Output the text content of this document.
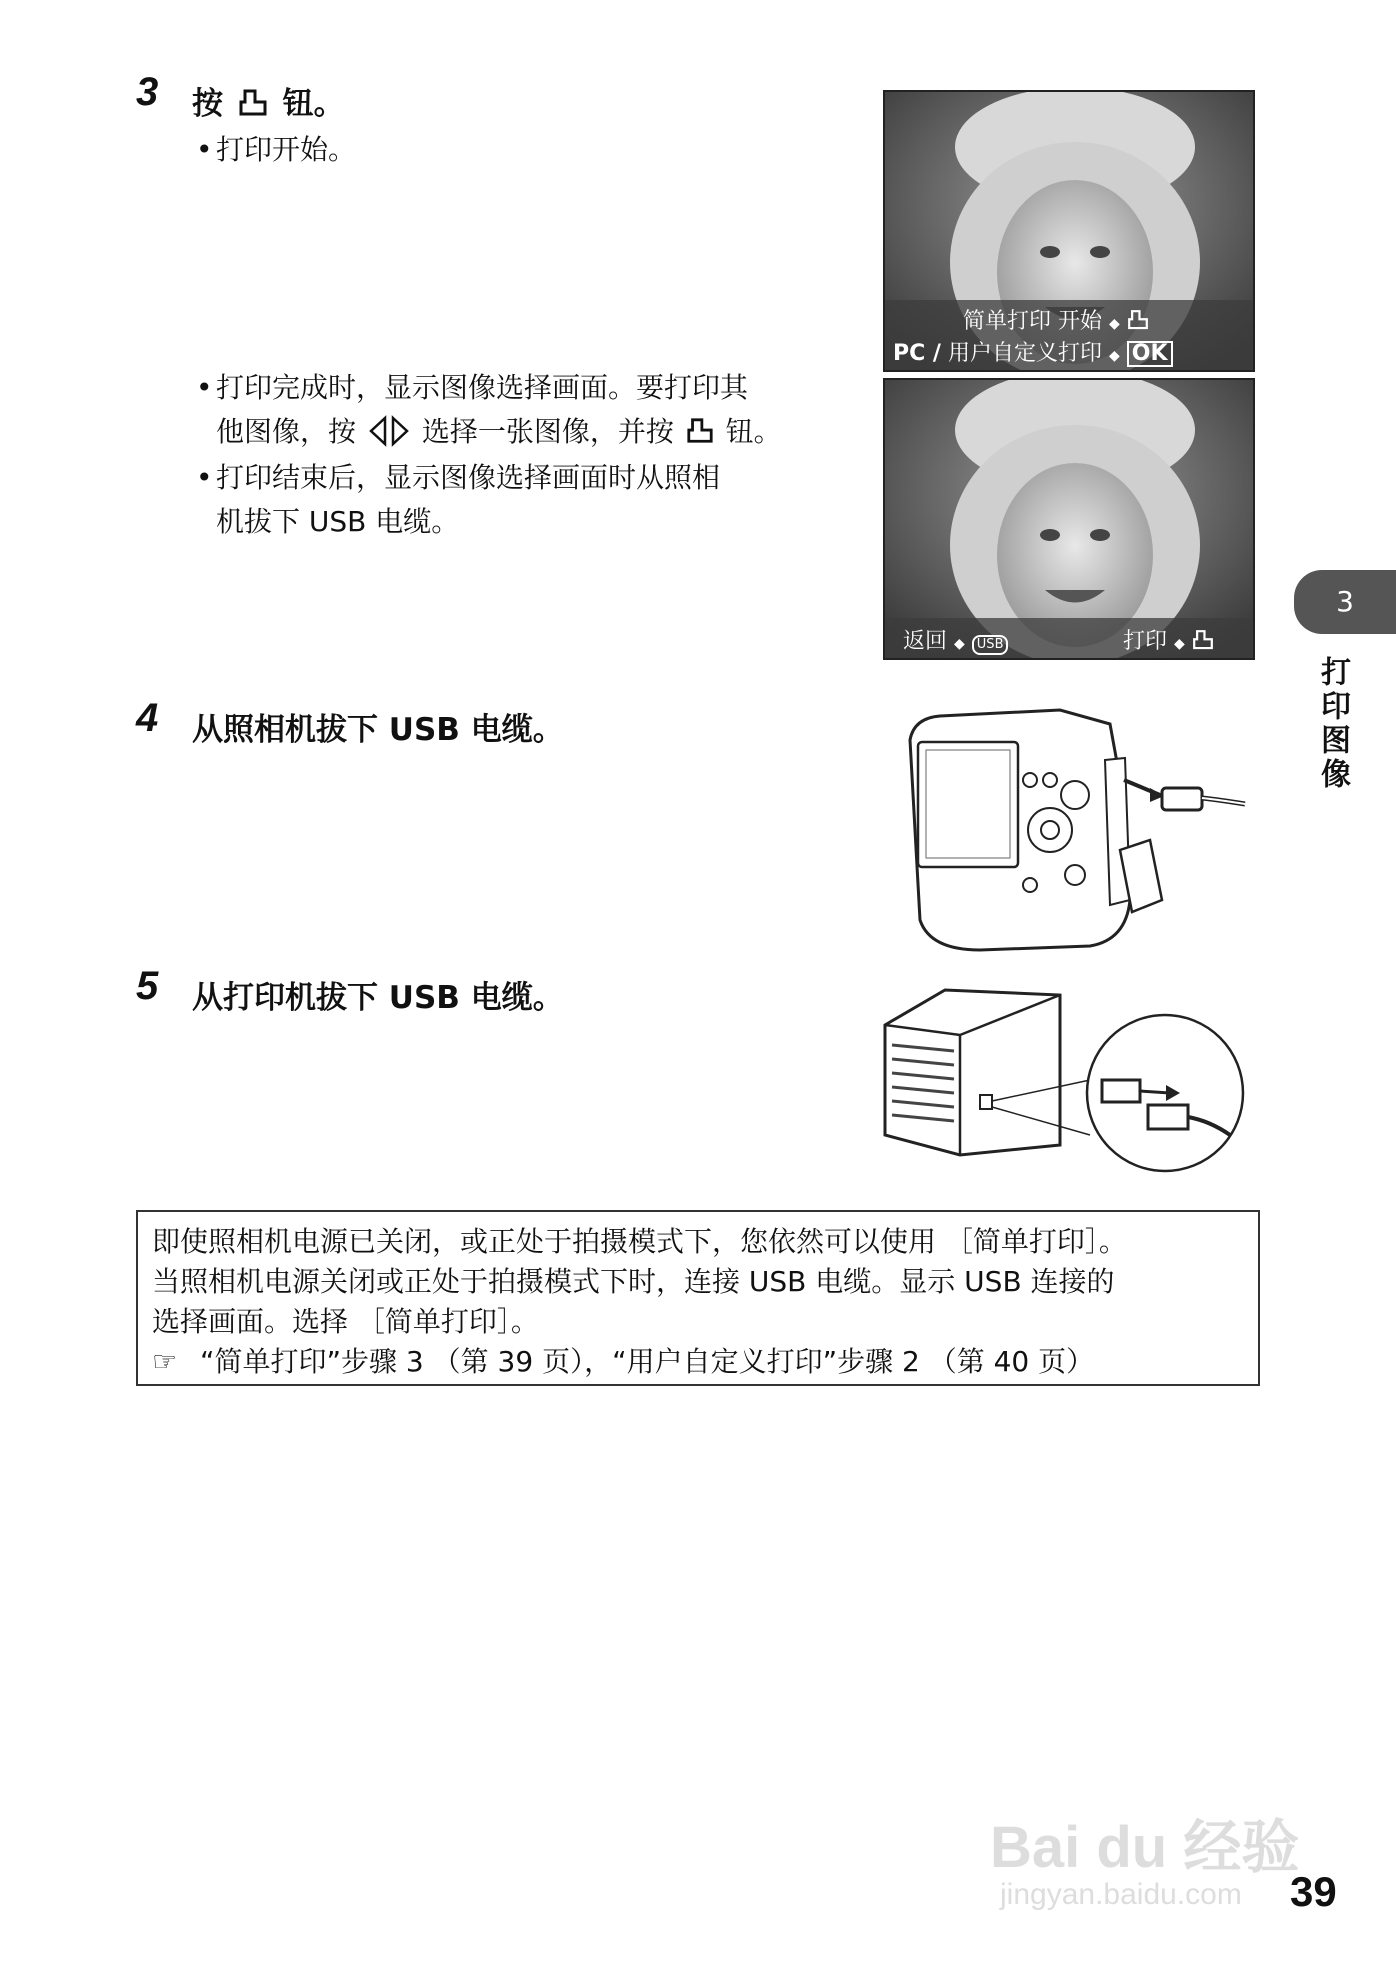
3 按 钮。
• 打印开始。
• 打印完成时，显示图像选择画面。要打印其
他图像，按 选择一张图像，并按 钮。
• 打印结束后，显示图像选择画面时从照相
机拔下 USB 电缆。
简单打印 开始 ◆
PC / 用户自定义打印 ◆ OK
返回 ◆ USB	打印 ◆
4 从照相机拔下 USB 电缆。
5 从打印机拔下 USB 电缆。
即使照相机电源已关闭，或正处于拍摄模式下，您依然可以使用 ［简单打印］。
当照相机电源关闭或正处于拍摄模式下时，连接 USB 电缆。显示 USB 连接的
选择画面。选择 ［简单打印］。
☞ “简单打印”步骤 3 （第 39 页），“用户自定义打印”步骤 2 （第 40 页）
3
打印图像
Bai du 经验
jingyan.baidu.com 39
